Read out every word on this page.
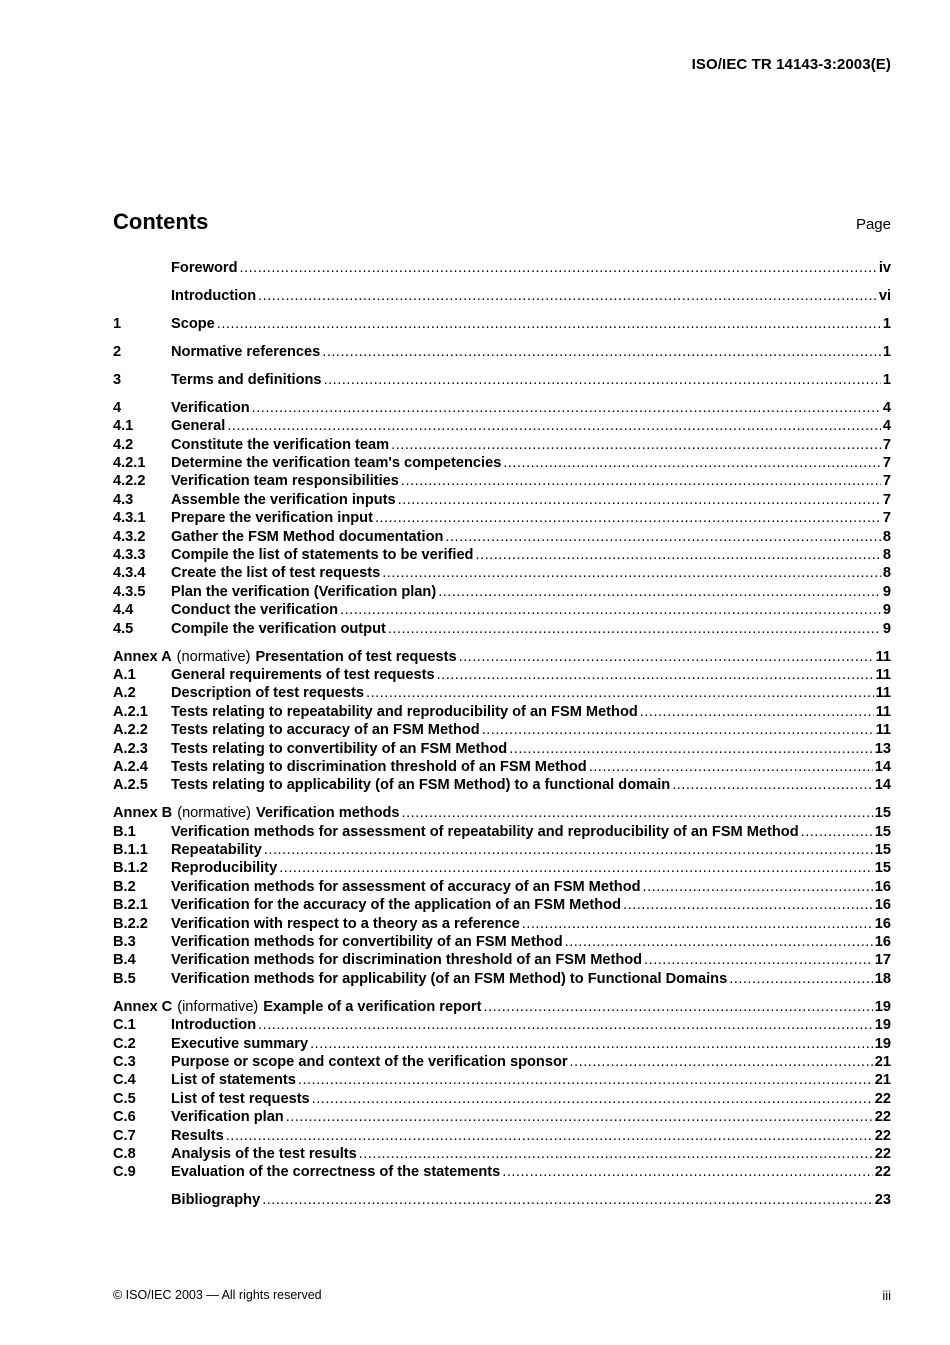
ISO/IEC TR 14143-3:2003(E)
Contents	Page
Foreword .....	iv
Introduction .....	vi
1	Scope .....	1
2	Normative references .....	1
3	Terms and definitions .....	1
4	Verification .....	4
4.1	General .....	4
4.2	Constitute the verification team .....	7
4.2.1	Determine the verification team's competencies .....	7
4.2.2	Verification team responsibilities .....	7
4.3	Assemble the verification inputs .....	7
4.3.1	Prepare the verification input .....	7
4.3.2	Gather the FSM Method documentation .....	8
4.3.3	Compile the list of statements to be verified .....	8
4.3.4	Create the list of test requests .....	8
4.3.5	Plan the verification (Verification plan) .....	9
4.4	Conduct the verification .....	9
4.5	Compile the verification output .....	9
Annex A (normative) Presentation of test requests .....	11
A.1	General requirements of test requests .....	11
A.2	Description of test requests .....	11
A.2.1	Tests relating to repeatability and reproducibility of an FSM Method .....	11
A.2.2	Tests relating to accuracy of an FSM Method .....	11
A.2.3	Tests relating to convertibility of an FSM Method .....	13
A.2.4	Tests relating to discrimination threshold of an FSM Method .....	14
A.2.5	Tests relating to applicability (of an FSM Method) to a functional domain .....	14
Annex B (normative) Verification methods .....	15
B.1	Verification methods for assessment of repeatability and reproducibility of an FSM Method .....	15
B.1.1	Repeatability .....	15
B.1.2	Reproducibility .....	15
B.2	Verification methods for assessment of accuracy of an FSM Method .....	16
B.2.1	Verification for the accuracy of the application of an FSM Method .....	16
B.2.2	Verification with respect to a theory as a reference .....	16
B.3	Verification methods for convertibility of an FSM Method .....	16
B.4	Verification methods for discrimination threshold of an FSM Method .....	17
B.5	Verification methods for applicability (of an FSM Method) to Functional Domains .....	18
Annex C (informative) Example of a verification report .....	19
C.1	Introduction .....	19
C.2	Executive summary .....	19
C.3	Purpose or scope and context of the verification sponsor .....	21
C.4	List of statements .....	21
C.5	List of test requests .....	22
C.6	Verification plan .....	22
C.7	Results .....	22
C.8	Analysis of the test results .....	22
C.9	Evaluation of the correctness of the statements .....	22
Bibliography .....	23
© ISO/IEC 2003 — All rights reserved	iii
